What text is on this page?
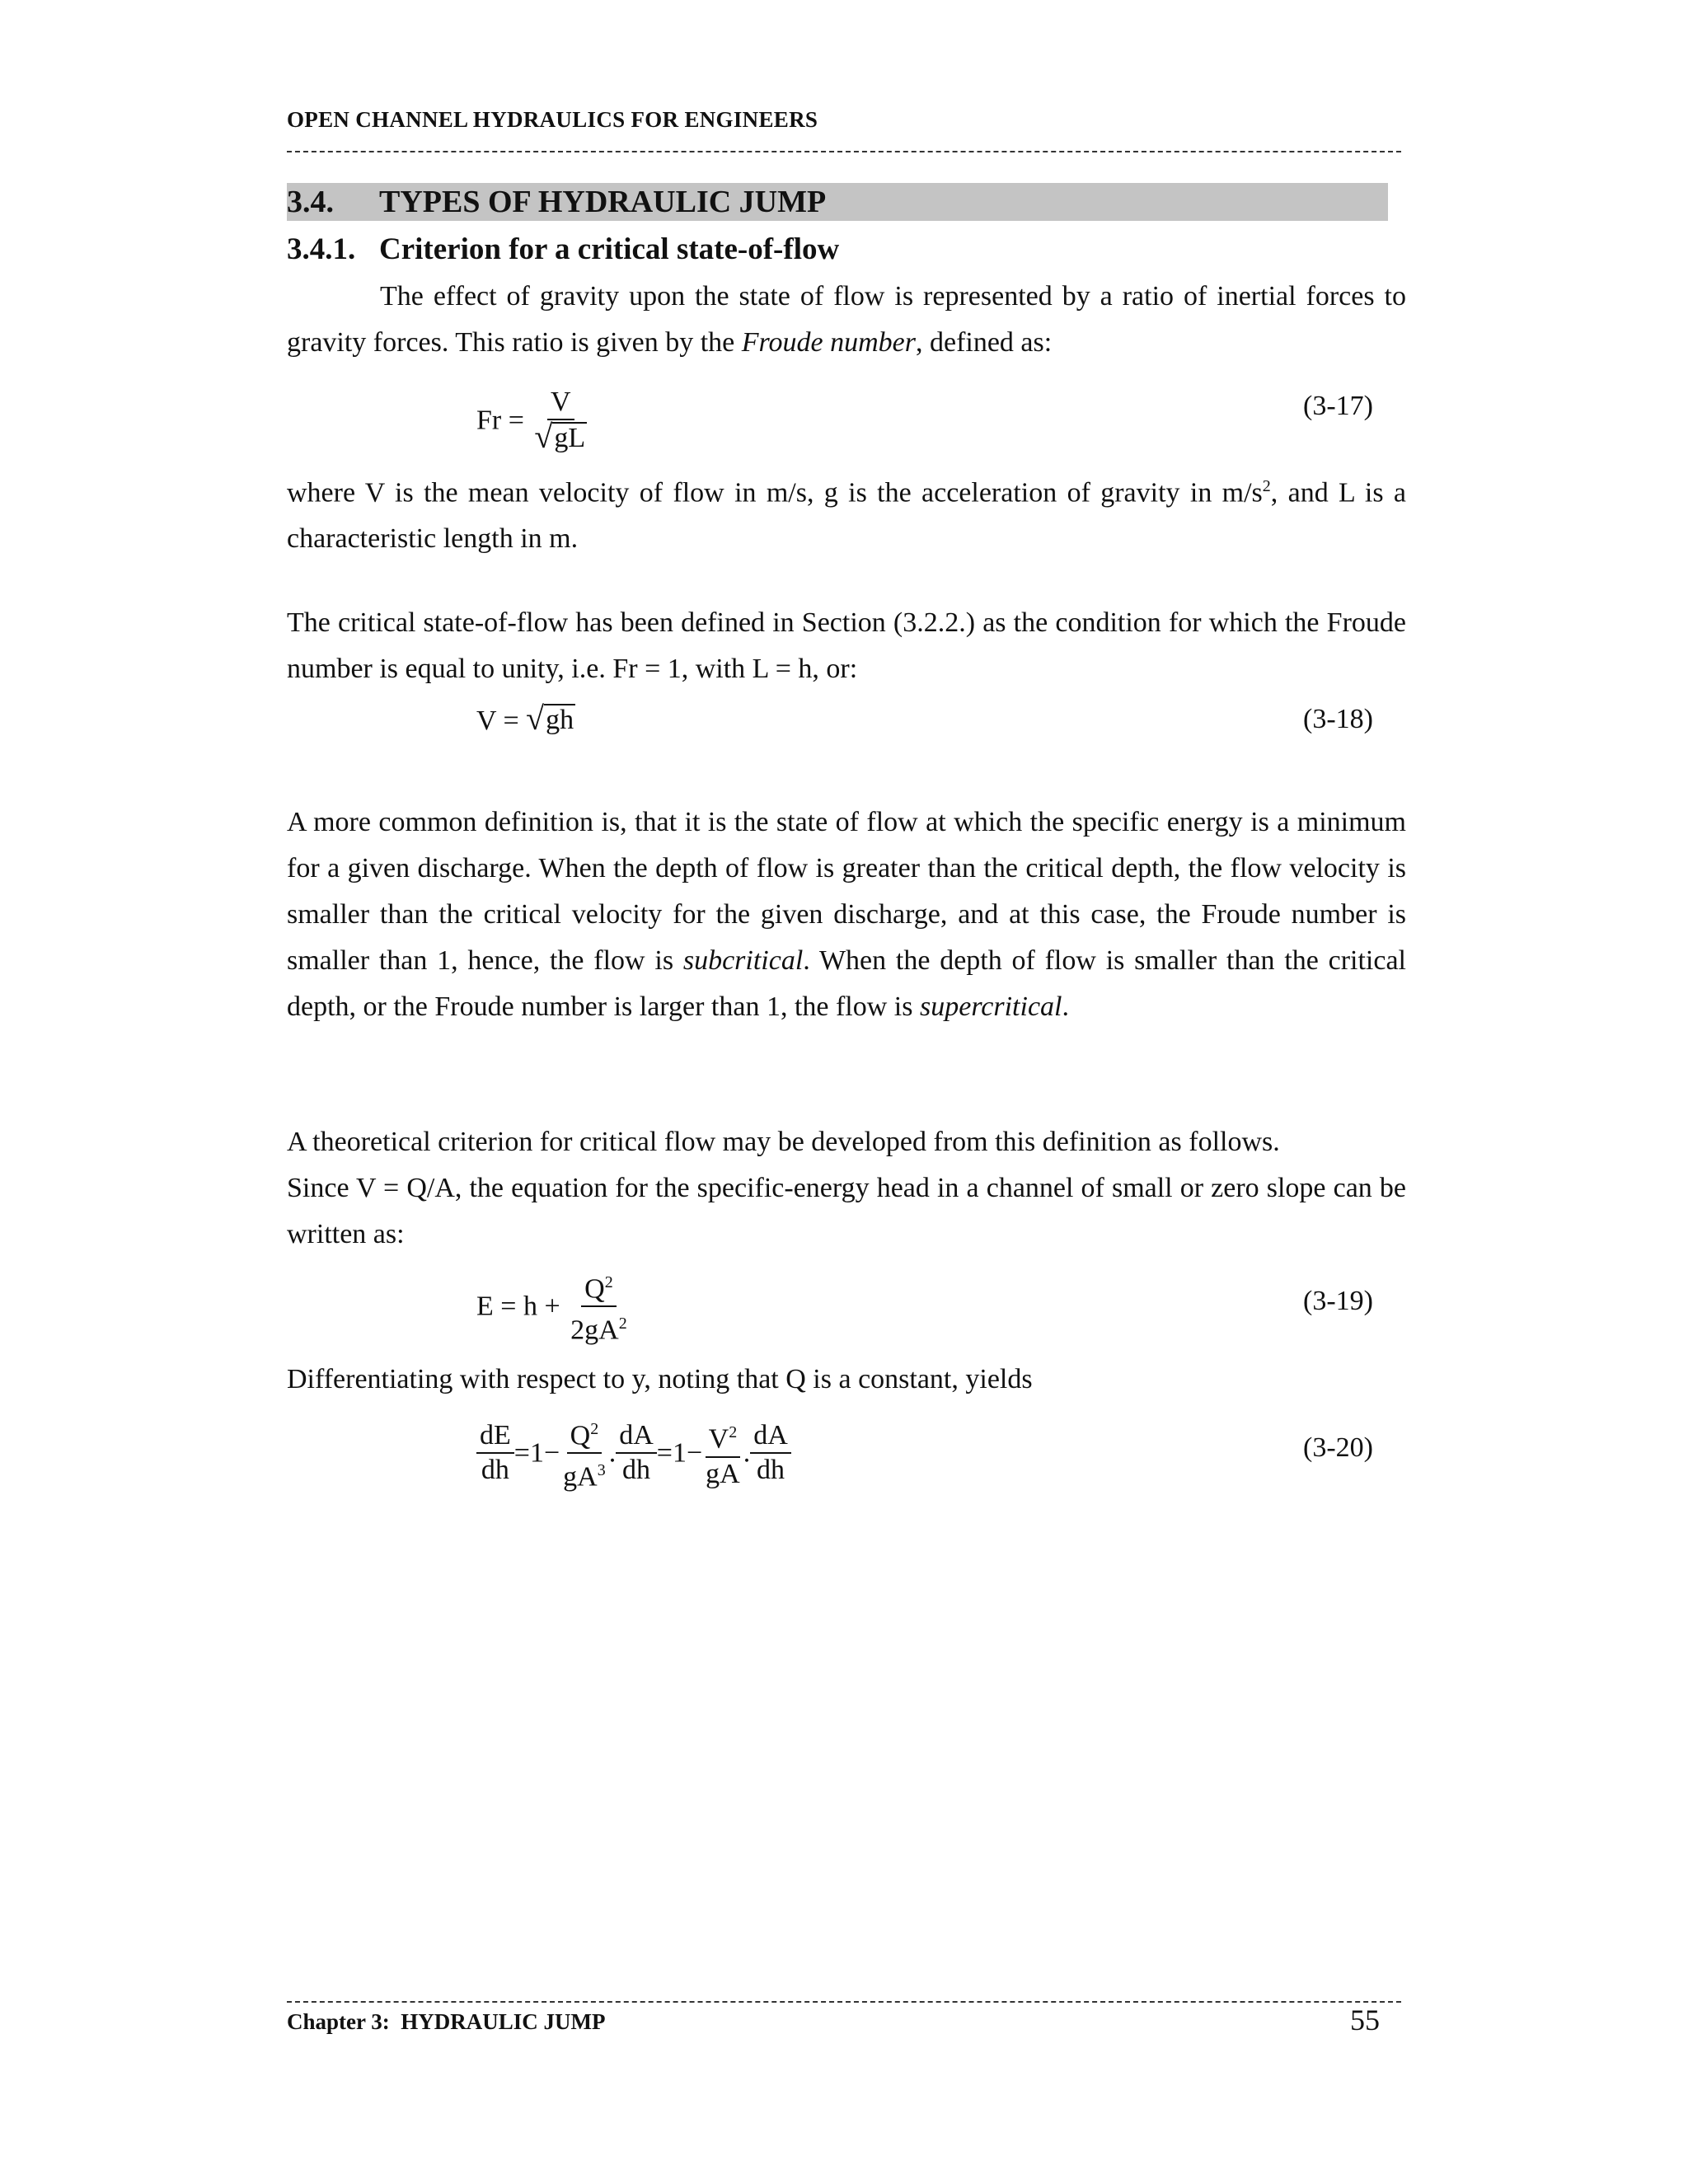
OPEN CHANNEL HYDRAULICS FOR ENGINEERS
3.4. TYPES OF HYDRAULIC JUMP
3.4.1. Criterion for a critical state-of-flow

The effect of gravity upon the state of flow is represented by a ratio of inertial forces to gravity forces. This ratio is given by the Froude number, defined as:

$Fr = \frac{V}{√ gL}$	(3-17)

where V is the mean velocity of flow in m/s, g is the acceleration of gravity in $m/s^2$, and L is a characteristic length in m.

The critical state-of-flow has been defined in Section (3.2.2.) as the condition for which the Froude number is equal to unity, i.e. Fr = 1, with L = h, or:

V = √ gh	(3-18)

A more common definition is, that it is the state of flow at which the specific energy is a minimum for a given discharge. When the depth of flow is greater than the critical depth, the flow velocity is smaller than the critical velocity for the given discharge, and at this case, the Froude number is smaller than 1, hence, the flow is subcritical. When the depth of flow is smaller than the critical depth, or the Froude number is larger than 1, the flow is supercritical.

A theoretical criterion for critical flow may be developed from this definition as follows.

Since V = Q/A, the equation for the specific-energy head in a channel of small or zero slope can be written as:

$E = h + \frac{Q^2}{2gA^2}$	(3-19)

Differentiating with respect to y, noting that Q is a constant, yields

$\frac{dE}{dh} =1- \frac{Q^2}{gA^3}$ . $\frac{dA}{dh} =1- \frac{V^2}{gA}$ . $\frac{dA}{dh}$	(3-20)
Chapter 3:  HYDRAULIC JUMP	55
